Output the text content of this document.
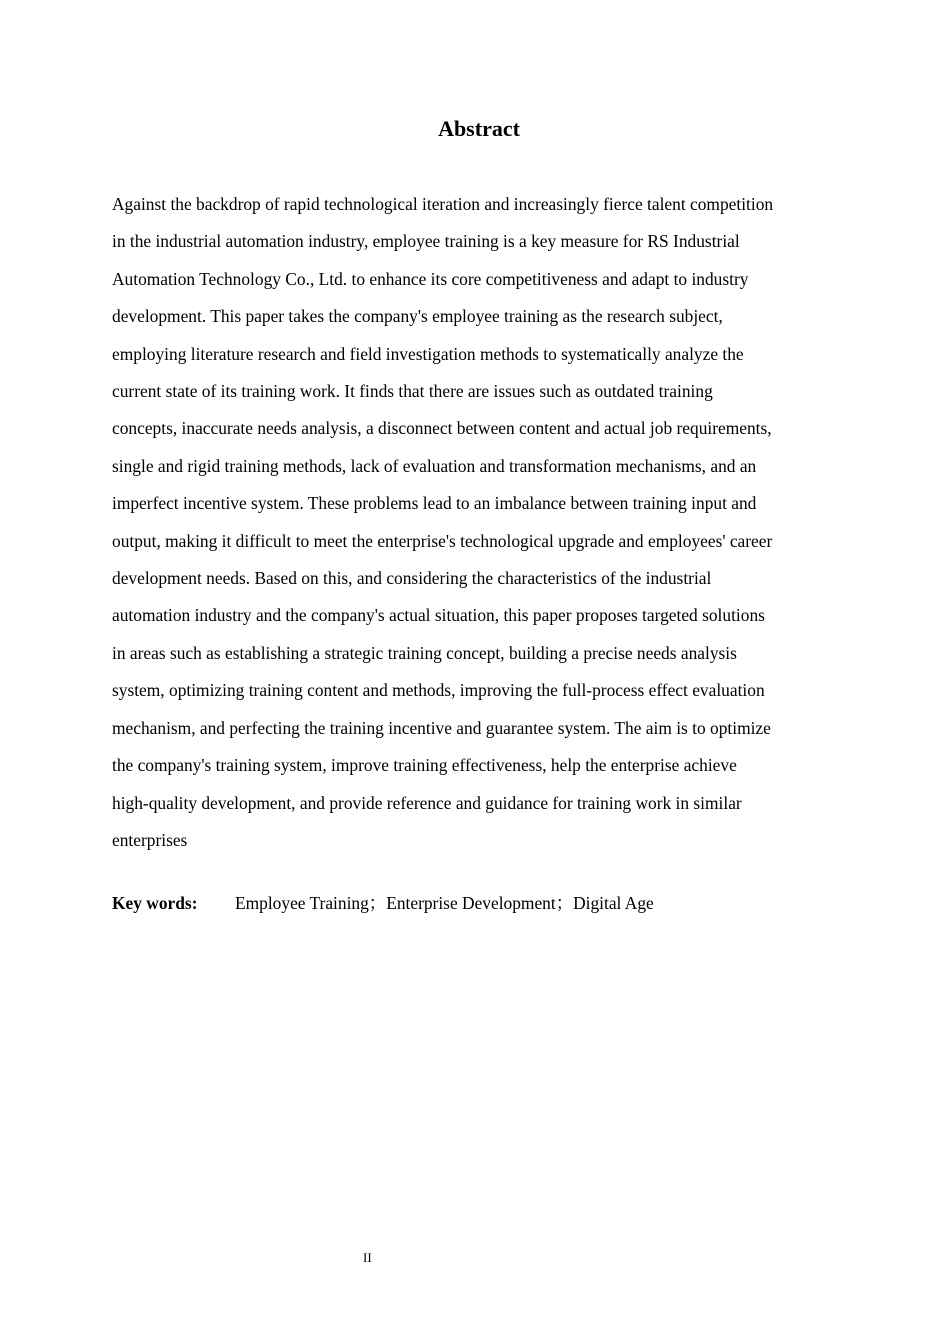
Abstract
Against the backdrop of rapid technological iteration and increasingly fierce talent competition
in the industrial automation industry, employee training is a key measure for RS Industrial
Automation Technology Co., Ltd. to enhance its core competitiveness and adapt to industry
development. This paper takes the company's employee training as the research subject,
employing literature research and field investigation methods to systematically analyze the
current state of its training work. It finds that there are issues such as outdated training
concepts, inaccurate needs analysis, a disconnect between content and actual job requirements,
single and rigid training methods, lack of evaluation and transformation mechanisms, and an
imperfect incentive system. These problems lead to an imbalance between training input and
output, making it difficult to meet the enterprise's technological upgrade and employees' career
development needs. Based on this, and considering the characteristics of the industrial
automation industry and the company's actual situation, this paper proposes targeted solutions
in areas such as establishing a strategic training concept, building a precise needs analysis
system, optimizing training content and methods, improving the full-process effect evaluation
mechanism, and perfecting the training incentive and guarantee system. The aim is to optimize
the company's training system, improve training effectiveness, help the enterprise achieve
high-quality development, and provide reference and guidance for training work in similar
enterprises
Key words: Employee Training；Enterprise Development；Digital Age
II
